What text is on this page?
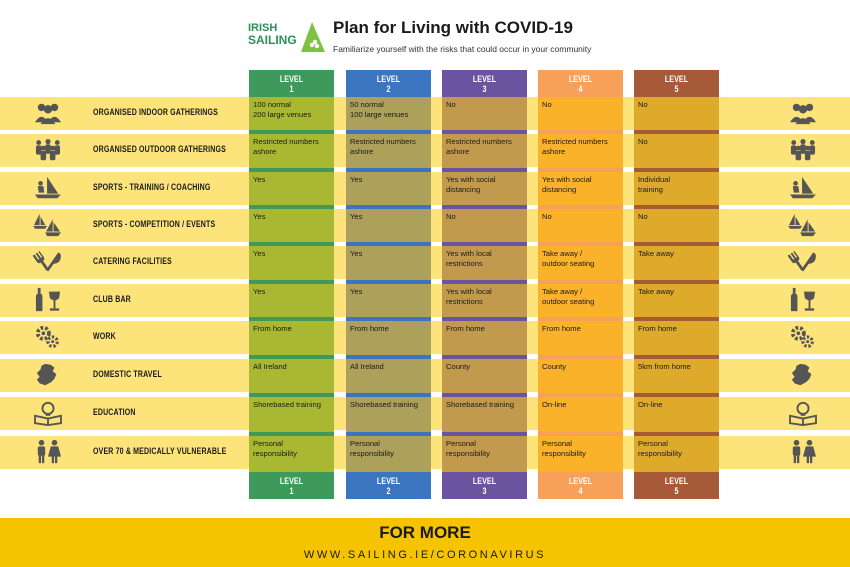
IRISH
SAILING
Plan for Living with COVID-19
Familiarize yourself with the risks that could occur in your community
LEVEL
1
LEVEL
1
100 normal
200 large venues
Restricted numbers
ashore
Yes
Yes
Yes
Yes
From home
All Ireland
Shorebased training
Personal
responsibility
LEVEL
2
LEVEL
2
50 normal
100 large venues
Restricted numbers
ashore
Yes
Yes
Yes
Yes
From home
All Ireland
Shorebased training
Personal
responsibility
LEVEL
3
LEVEL
3
No
Restricted numbers
ashore
Yes with social
distancing
No
Yes with local
restrictions
Yes with local
restrictions
From home
County
Shorebased training
Personal
responsibility
LEVEL
4
LEVEL
4
No
Restricted numbers
ashore
Yes with social
distancing
No
Take away /
outdoor seating
Take away /
outdoor seating
From home
County
On-line
Personal
responsibility
LEVEL
5
LEVEL
5
No
No
Individual
training
No
Take away
Take away
From home
5km from home
On-line
Personal
responsibility
ORGANISED INDOOR GATHERINGS
ORGANISED OUTDOOR GATHERINGS
SPORTS - TRAINING / COACHING
SPORTS - COMPETITION / EVENTS
CATERING FACILITIES
CLUB BAR
WORK
DOMESTIC TRAVEL
EDUCATION
OVER 70 & MEDICALLY VULNERABLE
FOR MORE
WWW.SAILING.IE/CORONAVIRUS
